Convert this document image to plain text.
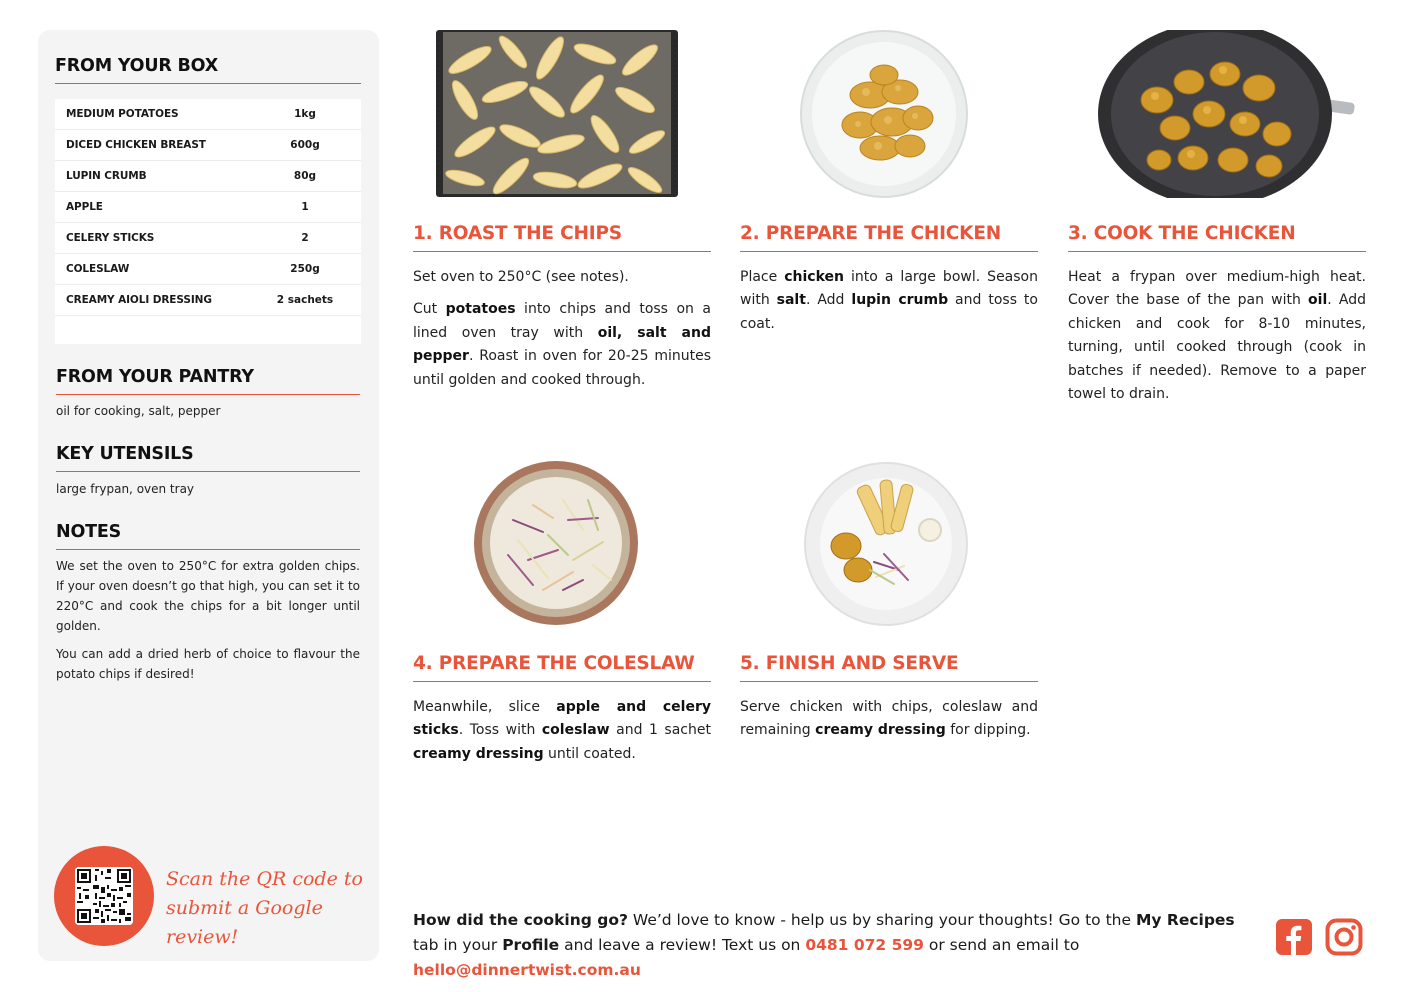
FROM YOUR BOX
MEDIUM POTATOES	1kg
DICED CHICKEN BREAST	600g
LUPIN CRUMB	80g
APPLE	1
CELERY STICKS	2
COLESLAW	250g
CREAMY AIOLI DRESSING	2 sachets
FROM YOUR PANTRY
oil for cooking, salt, pepper
KEY UTENSILS
large frypan, oven tray
NOTES

We set the oven to 250°C for extra golden chips. If your oven doesn’t go that high, you can set it to 220°C and cook the chips for a bit longer until golden.

You can add a dried herb of choice to flavour the potato chips if desired!

Scan the QR code to
submit a Google review!
1. ROAST THE CHIPS

Set oven to 250°C (see notes).

Cut potatoes into chips and toss on a lined oven tray with oil, salt and pepper. Roast in oven for 20-25 minutes until golden and cooked through.

2. PREPARE THE CHICKEN

Place chicken into a large bowl. Season with salt. Add lupin crumb and toss to coat.

3. COOK THE CHICKEN

Heat a frypan over medium-high heat. Cover the base of the pan with oil. Add chicken and cook for 8-10 minutes, turning, until cooked through (cook in batches if needed). Remove to a paper towel to drain.

4. PREPARE THE COLESLAW

Meanwhile, slice apple and celery sticks. Toss with coleslaw and 1 sachet creamy dressing until coated.

5. FINISH AND SERVE

Serve chicken with chips, coleslaw and remaining creamy dressing for dipping.

How did the cooking go? We’d love to know - help us by sharing your thoughts! Go to the My Recipes tab in your Profile and leave a review! Text us on 0481 072 599 or send an email to hello@dinnertwist.com.au
